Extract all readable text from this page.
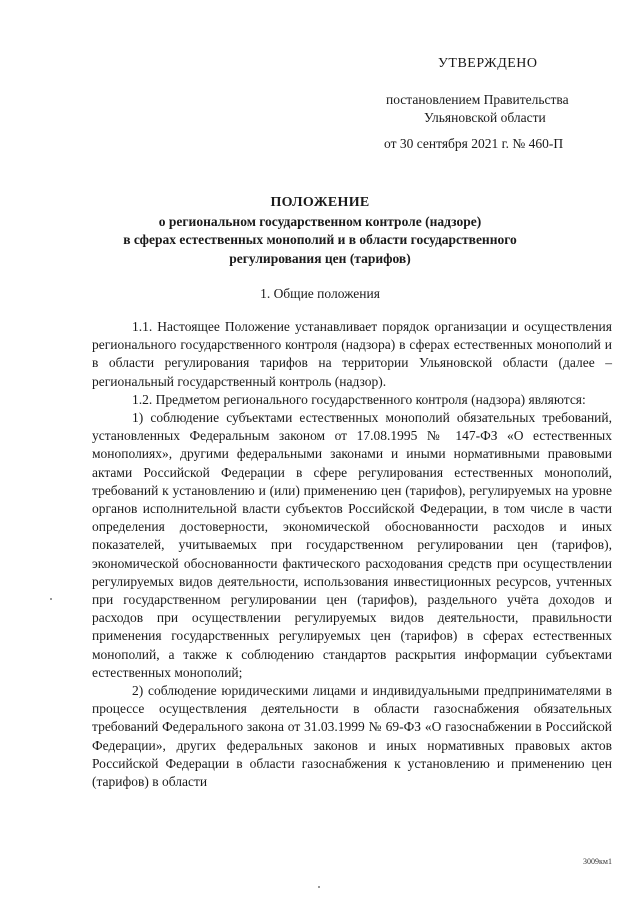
УТВЕРЖДЕНО
постановлением Правительства
Ульяновской области
от 30 сентября 2021 г. № 460-П
ПОЛОЖЕНИЕ
о региональном государственном контроле (надзоре)
в сферах естественных монополий и в области государственного
регулирования цен (тарифов)
1. Общие положения

1.1. Настоящее Положение устанавливает порядок организации и осуществления регионального государственного контроля (надзора) в сферах естественных монополий и в области регулирования тарифов на территории Ульяновской области (далее – региональный государственный контроль (надзор).

1.2. Предметом регионального государственного контроля (надзора) являются:

1) соблюдение субъектами естественных монополий обязательных требований, установленных Федеральным законом от 17.08.1995 № 147-ФЗ «О естественных монополиях», другими федеральными законами и иными нормативными правовыми актами Российской Федерации в сфере регулирования естественных монополий, требований к установлению и (или) применению цен (тарифов), регулируемых на уровне органов исполнительной власти субъектов Российской Федерации, в том числе в части определения достоверности, экономической обоснованности расходов и иных показателей, учитываемых при государственном регулировании цен (тарифов), экономической обоснованности фактического расходования средств при осуществлении регулируемых видов деятельности, использования инвестиционных ресурсов, учтенных при государственном регулировании цен (тарифов), раздельного учёта доходов и расходов при осуществлении регулируемых видов деятельности, правильности применения государственных регулируемых цен (тарифов) в сферах естественных монополий, а также к соблюдению стандартов раскрытия информации субъектами естественных монополий;

2) соблюдение юридическими лицами и индивидуальными предпринимателями в процессе осуществления деятельности в области газоснабжения обязательных требований Федерального закона от 31.03.1999 № 69-ФЗ «О газоснабжении в Российской Федерации», других федеральных законов и иных нормативных правовых актов Российской Федерации в области газоснабжения к установлению и применению цен (тарифов) в области

3009км1
